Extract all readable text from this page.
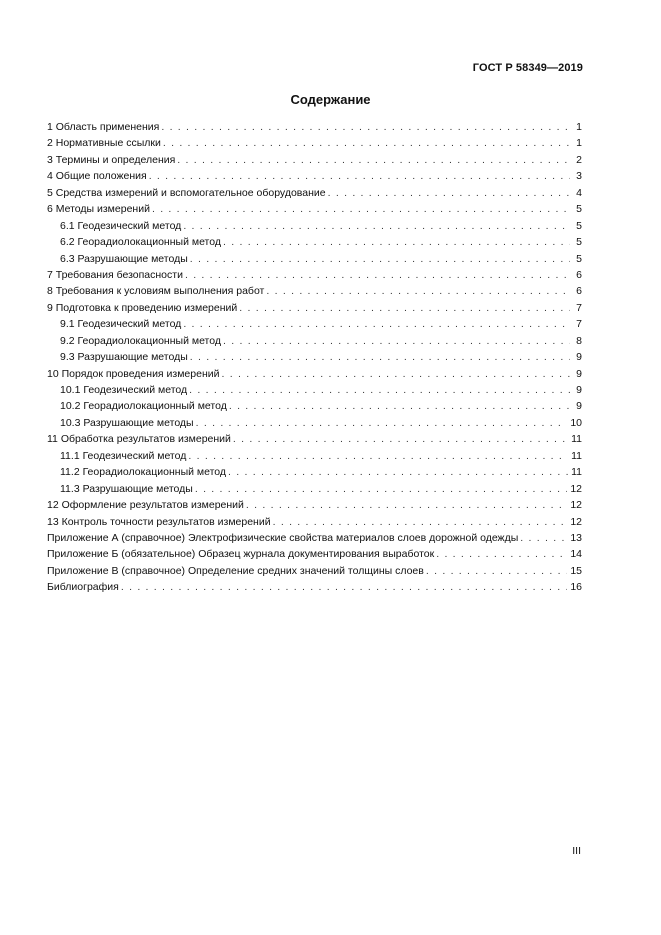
ГОСТ Р 58349—2019
Содержание
1 Область применения . . .	1
2 Нормативные ссылки . . .	1
3 Термины и определения . . .	2
4 Общие положения . . .	3
5 Средства измерений и вспомогательное оборудование . . .	4
6 Методы измерений . . .	5
6.1 Геодезический метод . . .	5
6.2 Георадиолокационный метод . . .	5
6.3 Разрушающие методы . . .	5
7 Требования безопасности . . .	6
8 Требования к условиям выполнения работ . . .	6
9 Подготовка к проведению измерений . . .	7
9.1 Геодезический метод . . .	7
9.2 Георадиолокационный метод . . .	8
9.3 Разрушающие методы . . .	9
10 Порядок проведения измерений . . .	9
10.1 Геодезический метод . . .	9
10.2 Георадиолокационный метод . . .	9
10.3 Разрушающие методы . . .	10
11 Обработка результатов измерений . . .	11
11.1 Геодезический метод . . .	11
11.2 Георадиолокационный метод . . .	11
11.3 Разрушающие методы . . .	12
12 Оформление результатов измерений . . .	12
13 Контроль точности результатов измерений . . .	12
Приложение А (справочное) Электрофизические свойства материалов слоев дорожной одежды . . .	13
Приложение Б (обязательное) Образец журнала документирования выработок . . .	14
Приложение В (справочное) Определение средних значений толщины слоев . . .	15
Библиография . . .	16
III
